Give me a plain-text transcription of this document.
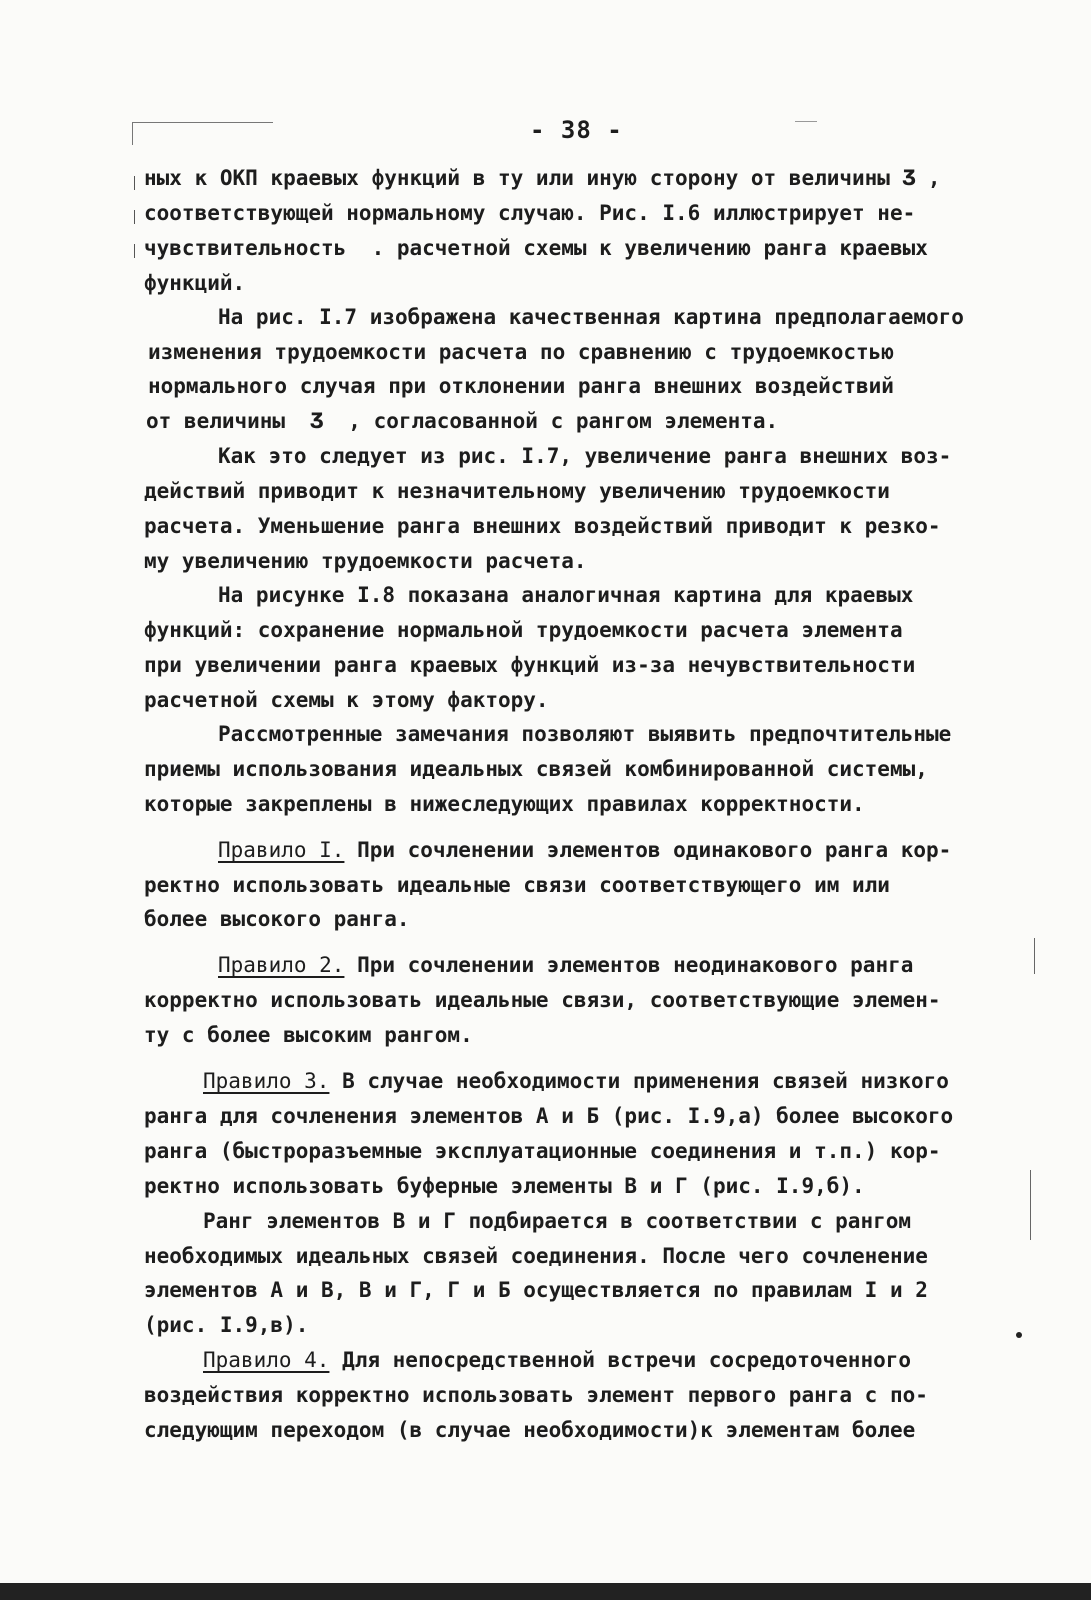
- 38 -
ных к ОКП краевых функций в ту или иную сторону от величины Ʒ ,
соответствующей нормальному случаю. Рис. I.6 иллюстрирует не-
чувствительность  . расчетной схемы к увеличению ранга краевых
функций.
На рис. I.7 изображена качественная картина предполагаемого
изменения трудоемкости расчета по сравнению с трудоемкостью
нормального случая при отклонении ранга внешних воздействий
от величины  Ʒ  , согласованной с рангом элемента.
Как это следует из рис. I.7, увеличение ранга внешних воз-
действий приводит к незначительному увеличению трудоемкости
расчета. Уменьшение ранга внешних воздействий приводит к резко-
му увеличению трудоемкости расчета.
На рисунке I.8 показана аналогичная картина для краевых
функций: сохранение нормальной трудоемкости расчета элемента
при увеличении ранга краевых функций из-за нечувствительности
расчетной схемы к этому фактору.
Рассмотренные замечания позволяют выявить предпочтительные
приемы использования идеальных связей комбинированной системы,
которые закреплены в нижеследующих правилах корректности.
Правило I. При сочленении элементов одинакового ранга кор-
ректно использовать идеальные связи соответствующего им или
более высокого ранга.
Правило 2. При сочленении элементов неодинакового ранга
корректно использовать идеальные связи, соответствующие элемен-
ту с более высоким рангом.
Правило 3. В случае необходимости применения связей низкого
ранга для сочленения элементов А и Б (рис. I.9,а) более высокого
ранга (быстроразъемные эксплуатационные соединения и т.п.) кор-
ректно использовать буферные элементы В и Г (рис. I.9,б).
Ранг элементов В и Г подбирается в соответствии с рангом
необходимых идеальных связей соединения. После чего сочленение
элементов А и В, В и Г, Г и Б осуществляется по правилам I и 2
(рис. I.9,в).
Правило 4. Для непосредственной встречи сосредоточенного
воздействия корректно использовать элемент первого ранга с по-
следующим переходом (в случае необходимости)к элементам более
